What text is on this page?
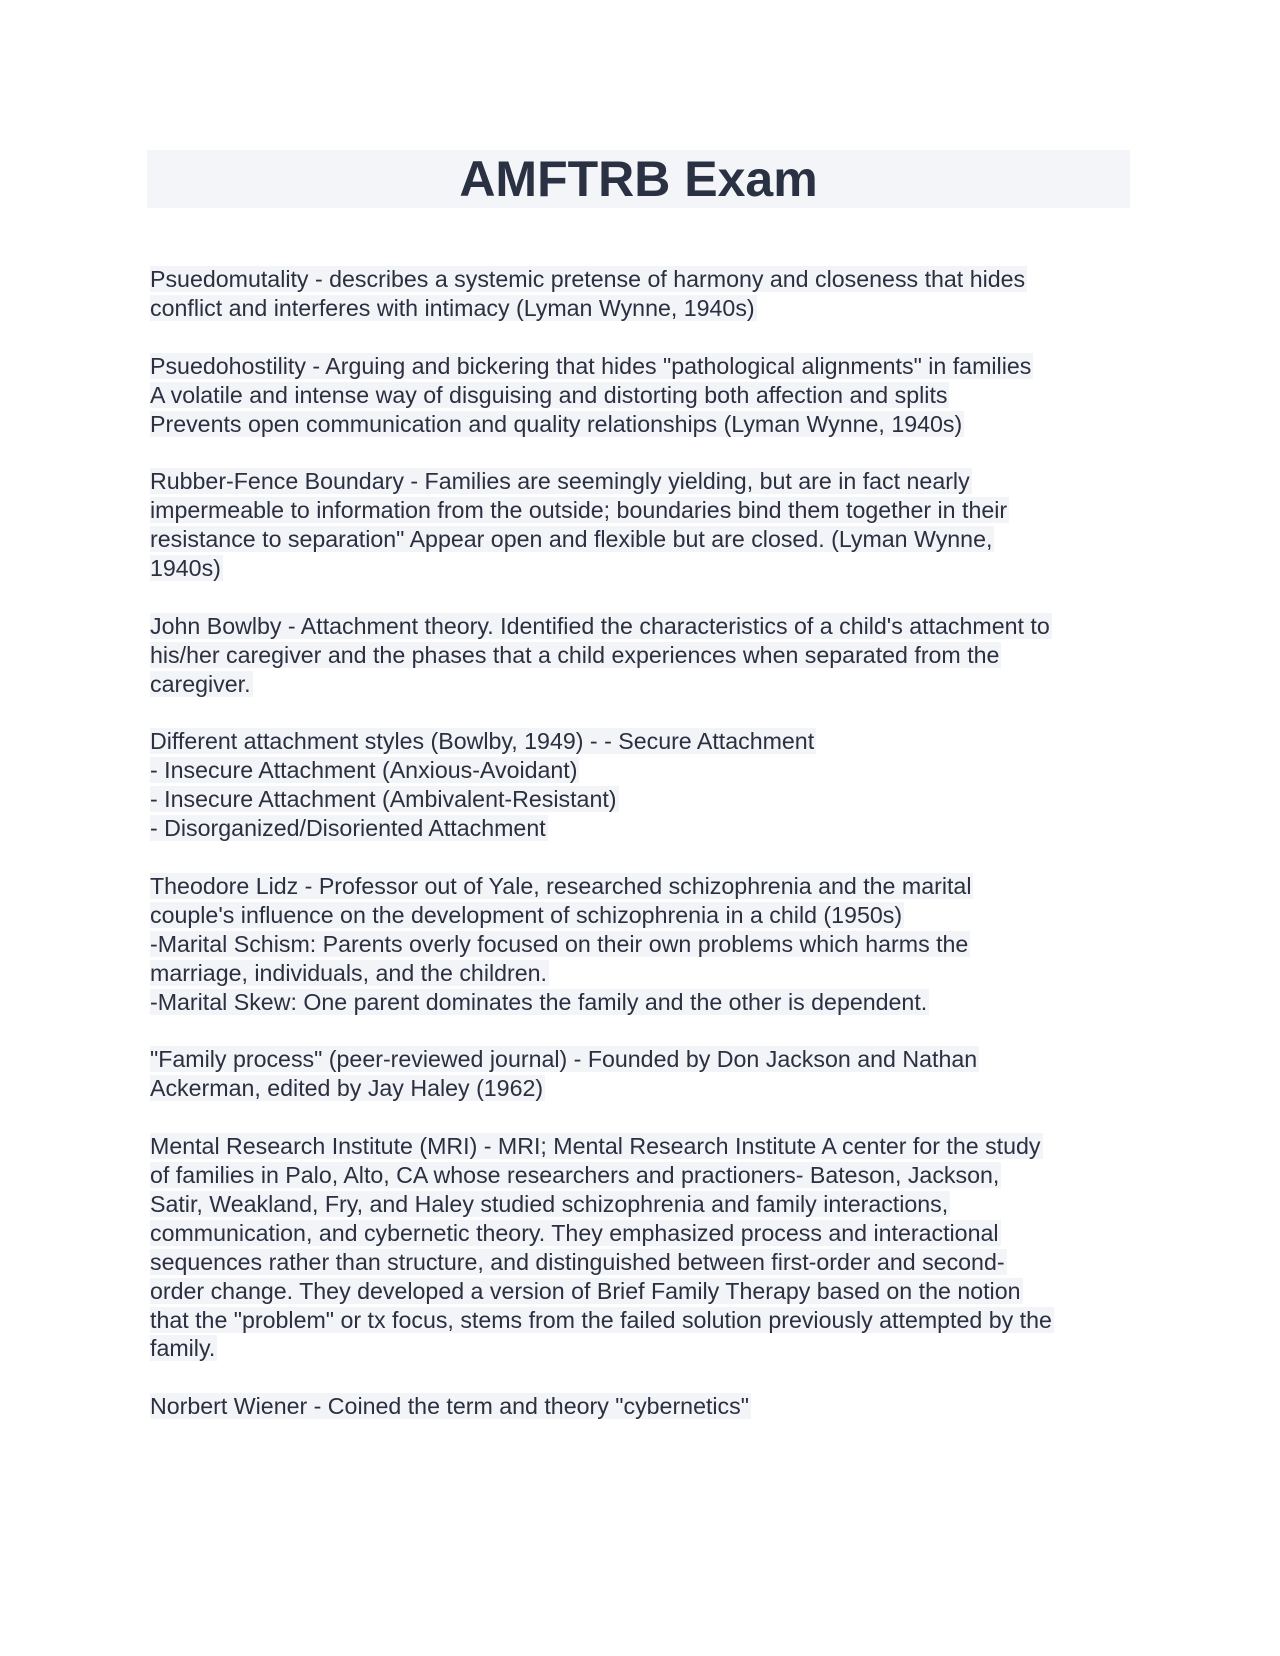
AMFTRB Exam
Psuedomutality - describes a systemic pretense of harmony and closeness that hides
conflict and interferes with intimacy (Lyman Wynne, 1940s)
Psuedohostility - Arguing and bickering that hides "pathological alignments" in families
A volatile and intense way of disguising and distorting both affection and splits
Prevents open communication and quality relationships (Lyman Wynne, 1940s)
Rubber-Fence Boundary - Families are seemingly yielding, but are in fact nearly
impermeable to information from the outside; boundaries bind them together in their
resistance to separation" Appear open and flexible but are closed. (Lyman Wynne,
1940s)
John Bowlby - Attachment theory. Identified the characteristics of a child's attachment to
his/her caregiver and the phases that a child experiences when separated from the
caregiver.
Different attachment styles (Bowlby, 1949) - - Secure Attachment
- Insecure Attachment (Anxious-Avoidant)
- Insecure Attachment (Ambivalent-Resistant)
- Disorganized/Disoriented Attachment
Theodore Lidz - Professor out of Yale, researched schizophrenia and the marital
couple's influence on the development of schizophrenia in a child (1950s)
-Marital Schism: Parents overly focused on their own problems which harms the
marriage, individuals, and the children.
-Marital Skew: One parent dominates the family and the other is dependent.
"Family process" (peer-reviewed journal) - Founded by Don Jackson and Nathan
Ackerman, edited by Jay Haley (1962)
Mental Research Institute (MRI) - MRI; Mental Research Institute A center for the study
of families in Palo, Alto, CA whose researchers and practioners- Bateson, Jackson,
Satir, Weakland, Fry, and Haley studied schizophrenia and family interactions,
communication, and cybernetic theory. They emphasized process and interactional
sequences rather than structure, and distinguished between first-order and second-
order change. They developed a version of Brief Family Therapy based on the notion
that the "problem" or tx focus, stems from the failed solution previously attempted by the
family.
Norbert Wiener - Coined the term and theory "cybernetics"
